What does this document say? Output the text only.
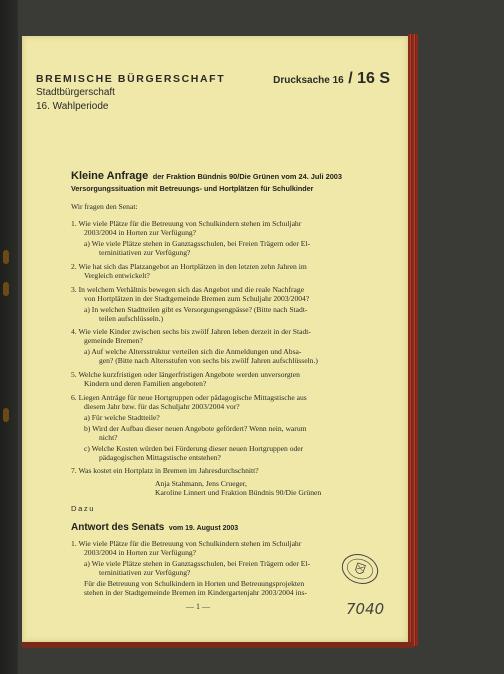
BREMISCHE BÜRGERSCHAFT
Stadtbürgerschaft
16. Wahlperiode
Drucksache 16 / 16 S
Kleine Anfrage der Fraktion Bündnis 90/Die Grünen vom 24. Juli 2003
Versorgungssituation mit Betreuungs- und Hortplätzen für Schulkinder
Wir fragen den Senat:
1. Wie viele Plätze für die Betreuung von Schulkindern stehen im Schuljahr
2003/2004 in Horten zur Verfügung?
a) Wie viele Plätze stehen in Ganztagsschulen, bei Freien Trägern oder El-
terninitiativen zur Verfügung?
2. Wie hat sich das Platzangebot an Hortplätzen in den letzten zehn Jahren im
Vergleich entwickelt?
3. In welchem Verhältnis bewegen sich das Angebot und die reale Nachfrage
von Hortplätzen in der Stadtgemeinde Bremen zum Schuljahr 2003/2004?
a) In welchen Stadtteilen gibt es Versorgungsengpässe? (Bitte nach Stadt-
teilen aufschlüsseln.)
4. Wie viele Kinder zwischen sechs bis zwölf Jahren leben derzeit in der Stadt-
gemeinde Bremen?
a) Auf welche Altersstruktur verteilen sich die Anmeldungen und Absa-
gen? (Bitte nach Altersstufen von sechs bis zwölf Jahren aufschlüsseln.)
5. Welche kurzfristigen oder längerfristigen Angebote werden unversorgten
Kindern und deren Familien angeboten?
6. Liegen Anträge für neue Hortgruppen oder pädagogische Mittagstische aus
diesem Jahr bzw. für das Schuljahr 2003/2004 vor?
a) Für welche Stadtteile?
b) Wird der Aufbau dieser neuen Angebote gefördert? Wenn nein, warum
nicht?
c) Welche Kosten würden bei Förderung dieser neuen Hortgruppen oder
pädagogischen Mittagstische entstehen?
7. Was kostet ein Hortplatz in Bremen im Jahresdurchschnitt?
Anja Stahmann, Jens Crueger,
Karoline Linnert und Fraktion Bündnis 90/Die Grünen
Dazu
Antwort des Senats vom 19. August 2003
1. Wie viele Plätze für die Betreuung von Schulkindern stehen im Schuljahr
2003/2004 in Horten zur Verfügung?
a) Wie viele Plätze stehen in Ganztagsschulen, bei Freien Trägern oder El-
terninitiativen zur Verfügung?
Für die Betreuung von Schulkindern in Horten und Betreuungsprojekten
stehen in der Stadtgemeinde Bremen im Kindergartenjahr 2003/2004 ins-
— 1 —	7040
